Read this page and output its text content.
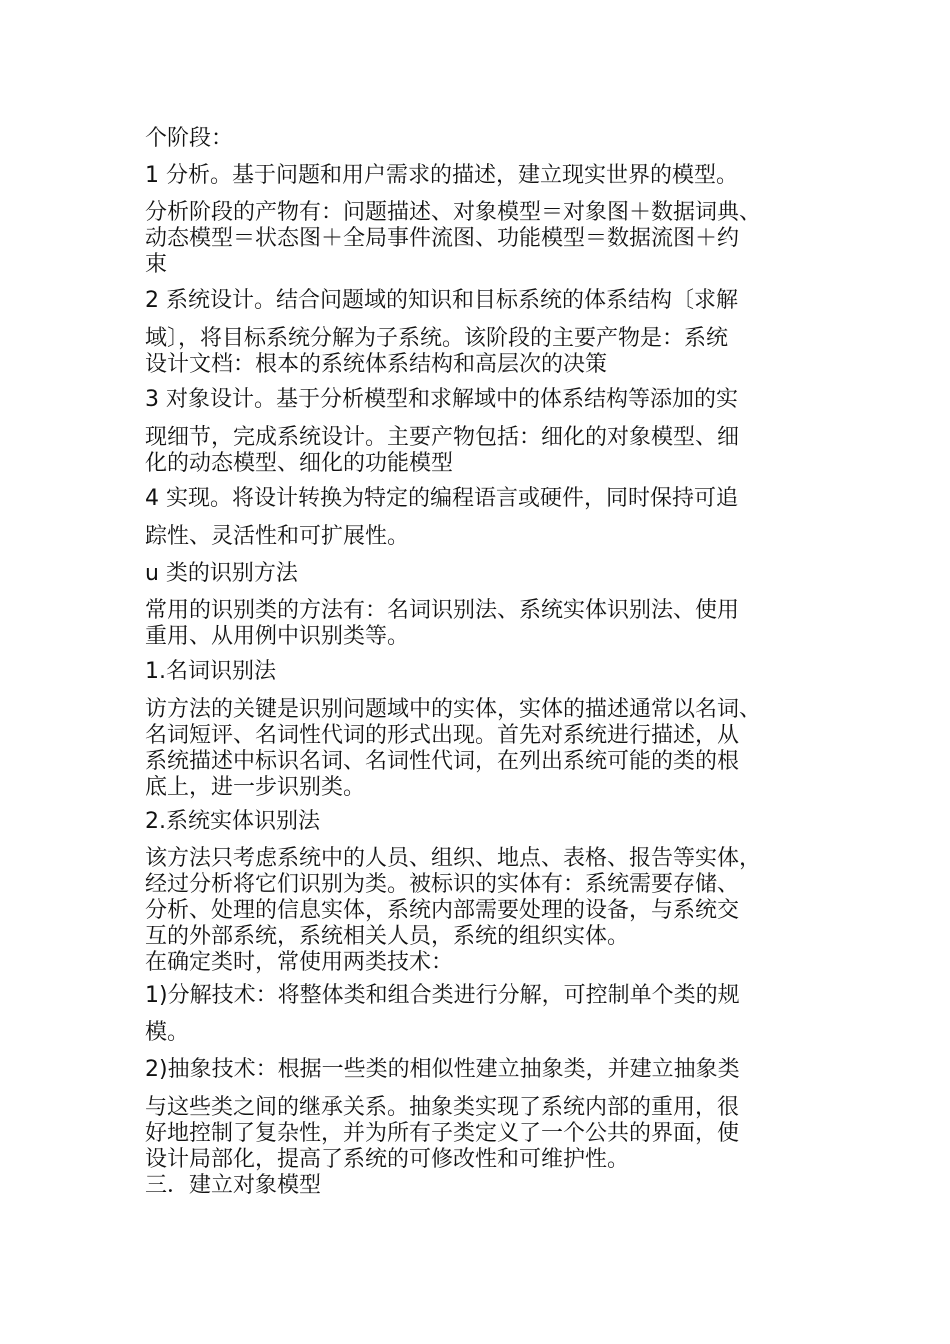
个阶段：

1 分析。基于问题和用户需求的描述，建立现实世界的模型。

分析阶段的产物有：问题描述、对象模型＝对象图＋数据词典、
动态模型＝状态图＋全局事件流图、功能模型＝数据流图＋约
束

2 系统设计。结合问题域的知识和目标系统的体系结构〔求解

域〕，将目标系统分解为子系统。该阶段的主要产物是：系统
设计文档：根本的系统体系结构和高层次的决策

3 对象设计。基于分析模型和求解域中的体系结构等添加的实

现细节，完成系统设计。主要产物包括：细化的对象模型、细
化的动态模型、细化的功能模型

4 实现。将设计转换为特定的编程语言或硬件，同时保持可追

踪性、灵活性和可扩展性。

u 类的识别方法

常用的识别类的方法有：名词识别法、系统实体识别法、使用
重用、从用例中识别类等。

1.名词识别法

访方法的关键是识别问题域中的实体，实体的描述通常以名词、
名词短评、名词性代词的形式出现。首先对系统进行描述，从
系统描述中标识名词、名词性代词，在列出系统可能的类的根
底上，进一步识别类。

2.系统实体识别法

该方法只考虑系统中的人员、组织、地点、表格、报告等实体，
经过分析将它们识别为类。被标识的实体有：系统需要存储、
分析、处理的信息实体，系统内部需要处理的设备，与系统交
互的外部系统，系统相关人员，系统的组织实体。
在确定类时，常使用两类技术：

1)分解技术：将整体类和组合类进行分解，可控制单个类的规

模。

2)抽象技术：根据一些类的相似性建立抽象类，并建立抽象类

与这些类之间的继承关系。抽象类实现了系统内部的重用，很
好地控制了复杂性，并为所有子类定义了一个公共的界面，使
设计局部化，提高了系统的可修改性和可维护性。
三．建立对象模型
